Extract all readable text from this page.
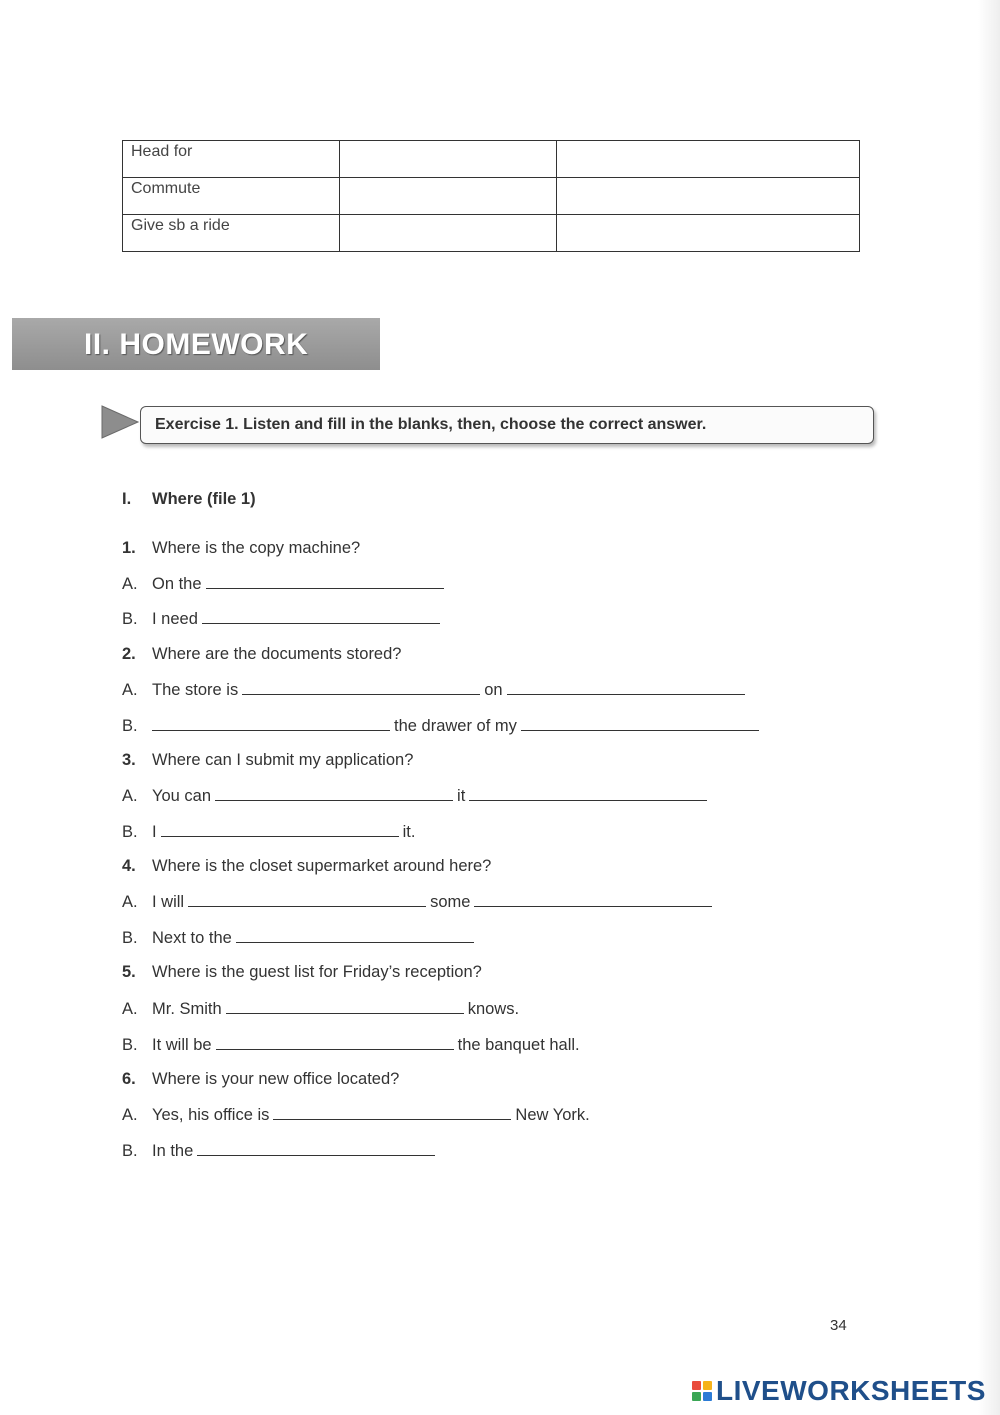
Head for		
Commute		
Give sb a ride		
II. HOMEWORK
Exercise 1. Listen and fill in the blanks, then, choose the correct answer.
I. Where (file 1)
1. Where is the copy machine?
A. On the
B. I need
2. Where are the documents stored?
A. The store is	on
B.	the drawer of my
3. Where can I submit my application?
A. You can	it
B. I	it.
4. Where is the closet supermarket around here?
A. I will	some
B. Next to the
5. Where is the guest list for Friday’s reception?
A. Mr. Smith	knows.
B. It will be	the banquet hall.
6. Where is your new office located?
A. Yes, his office is	New York.
B. In the
34
LIVEWORKSHEETS
